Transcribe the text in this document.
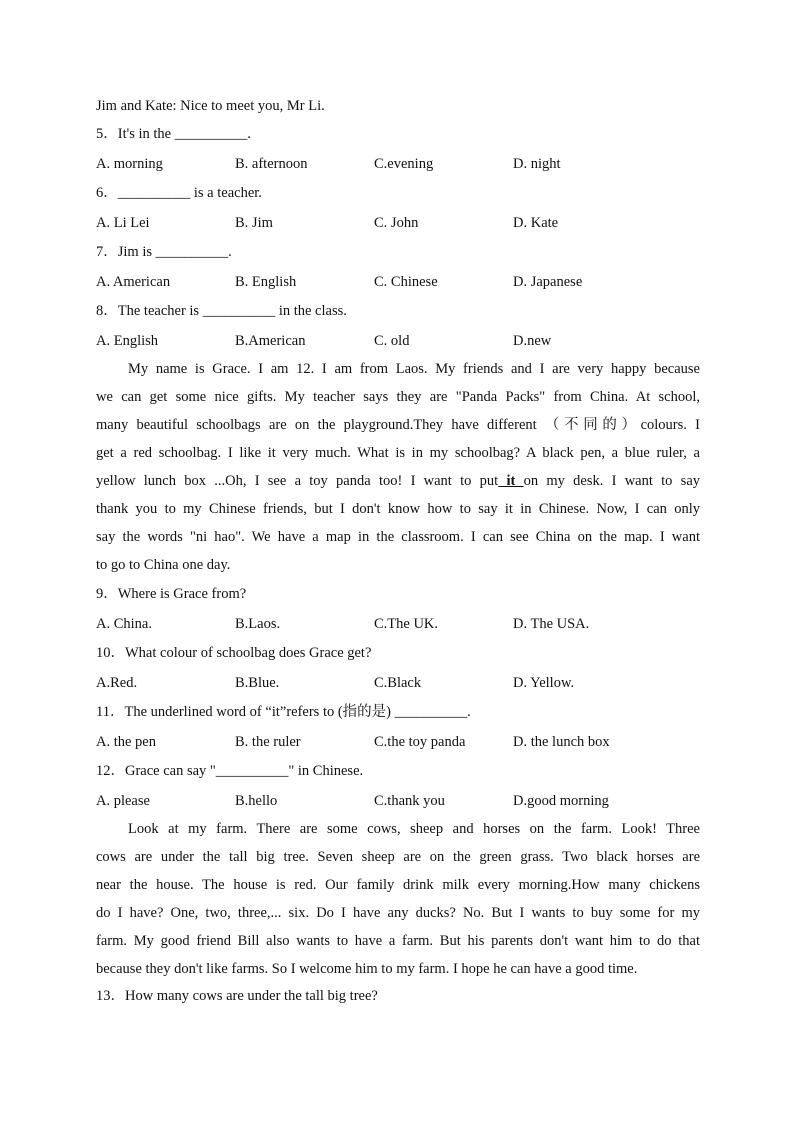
Jim and Kate: Nice to meet you, Mr Li.
5．It's in the __________.
A. morning	B. afternoon	C.evening	D. night
6．__________ is a teacher.
A. Li Lei	B. Jim	C. John	D. Kate
7．Jim is __________.
A. American	B. English	C. Chinese	D. Japanese
8．The teacher is __________ in the class.
A. English	B.American	C. old	D.new

My name is Grace. I am 12. I am from Laos. My friends and I are very happy because

we can get some nice gifts. My teacher says they are "Panda Packs" from China. At school,

many beautiful schoolbags are on the playground.They have different （不同的）colours. I

get a red schoolbag. I like it very much. What is in my schoolbag? A black pen, a blue ruler, a

yellow lunch box ...Oh, I see a toy panda too! I want to put it on my desk. I want to say

thank you to my Chinese friends, but I don't know how to say it in Chinese. Now, I can only

say the words "ni hao". We have a map in the classroom. I can see China on the map. I want

to go to China one day.

9．Where is Grace from?
A. China.	B.Laos.	C.The UK.	D. The USA.
10．What colour of schoolbag does Grace get?
A.Red.	B.Blue.	C.Black	D. Yellow.
11．The underlined word of “it”refers to (指的是) __________.
A. the pen	B. the ruler	C.the toy panda	D. the lunch box
12．Grace can say "__________" in Chinese.
A. please	B.hello	C.thank you	D.good morning

Look at my farm. There are some cows, sheep and horses on the farm. Look! Three

cows are under the tall big tree. Seven sheep are on the green grass. Two black horses are

near the house. The house is red. Our family drink milk every morning.How many chickens

do I have? One, two, three,... six. Do I have any ducks? No. But I wants to buy some for my

farm. My good friend Bill also wants to have a farm. But his parents don't want him to do that

because they don't like farms. So I welcome him to my farm. I hope he can have a good time.

13．How many cows are under the tall big tree?
